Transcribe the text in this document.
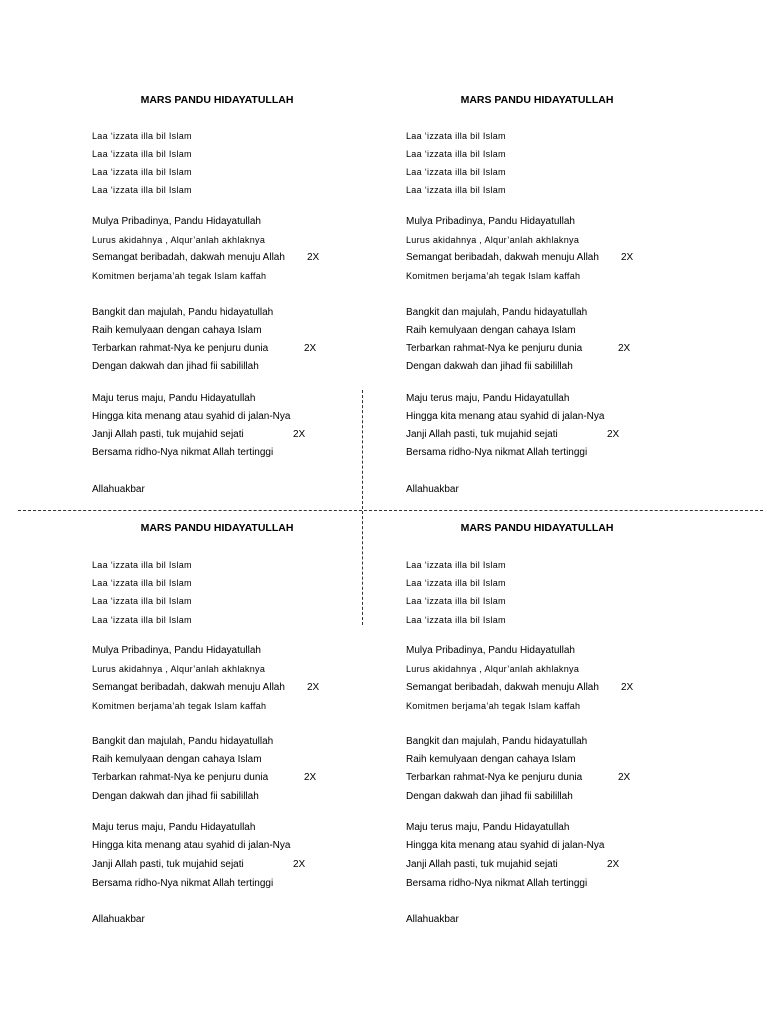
MARS PANDU HIDAYATULLAH
Laa ‘izzata illa bil Islam
Laa ‘izzata illa bil Islam
Laa ‘izzata illa bil Islam
Laa ‘izzata illa bil Islam
Mulya Pribadinya, Pandu Hidayatullah
Lurus akidahnya , Alqur’anlah akhlaknya
Semangat beribadah, dakwah menuju Allah 2X
Komitmen berjama’ah tegak Islam kaffah
Bangkit dan majulah, Pandu hidayatullah
Raih kemulyaan dengan cahaya Islam
Terbarkan rahmat-Nya ke penjuru dunia	2X
Dengan dakwah dan jihad fii sabilillah
Maju terus maju, Pandu Hidayatullah
Hingga kita menang atau syahid di jalan-Nya
Janji Allah pasti, tuk mujahid sejati	2X
Bersama ridho-Nya nikmat Allah tertinggi
Allahuakbar
MARS PANDU HIDAYATULLAH
Laa ‘izzata illa bil Islam
Laa ‘izzata illa bil Islam
Laa ‘izzata illa bil Islam
Laa ‘izzata illa bil Islam
Mulya Pribadinya, Pandu Hidayatullah
Lurus akidahnya , Alqur’anlah akhlaknya
Semangat beribadah, dakwah menuju Allah 2X
Komitmen berjama’ah tegak Islam kaffah
Bangkit dan majulah, Pandu hidayatullah
Raih kemulyaan dengan cahaya Islam
Terbarkan rahmat-Nya ke penjuru dunia	2X
Dengan dakwah dan jihad fii sabilillah
Maju terus maju, Pandu Hidayatullah
Hingga kita menang atau syahid di jalan-Nya
Janji Allah pasti, tuk mujahid sejati	2X
Bersama ridho-Nya nikmat Allah tertinggi
Allahuakbar
MARS PANDU HIDAYATULLAH
Laa ‘izzata illa bil Islam
Laa ‘izzata illa bil Islam
Laa ‘izzata illa bil Islam
Laa ‘izzata illa bil Islam
Mulya Pribadinya, Pandu Hidayatullah
Lurus akidahnya , Alqur’anlah akhlaknya
Semangat beribadah, dakwah menuju Allah 2X
Komitmen berjama’ah tegak Islam kaffah
Bangkit dan majulah, Pandu hidayatullah
Raih kemulyaan dengan cahaya Islam
Terbarkan rahmat-Nya ke penjuru dunia	2X
Dengan dakwah dan jihad fii sabilillah
Maju terus maju, Pandu Hidayatullah
Hingga kita menang atau syahid di jalan-Nya
Janji Allah pasti, tuk mujahid sejati	2X
Bersama ridho-Nya nikmat Allah tertinggi
Allahuakbar
MARS PANDU HIDAYATULLAH
Laa ‘izzata illa bil Islam
Laa ‘izzata illa bil Islam
Laa ‘izzata illa bil Islam
Laa ‘izzata illa bil Islam
Mulya Pribadinya, Pandu Hidayatullah
Lurus akidahnya , Alqur’anlah akhlaknya
Semangat beribadah, dakwah menuju Allah 2X
Komitmen berjama’ah tegak Islam kaffah
Bangkit dan majulah, Pandu hidayatullah
Raih kemulyaan dengan cahaya Islam
Terbarkan rahmat-Nya ke penjuru dunia	2X
Dengan dakwah dan jihad fii sabilillah
Maju terus maju, Pandu Hidayatullah
Hingga kita menang atau syahid di jalan-Nya
Janji Allah pasti, tuk mujahid sejati	2X
Bersama ridho-Nya nikmat Allah tertinggi
Allahuakbar
